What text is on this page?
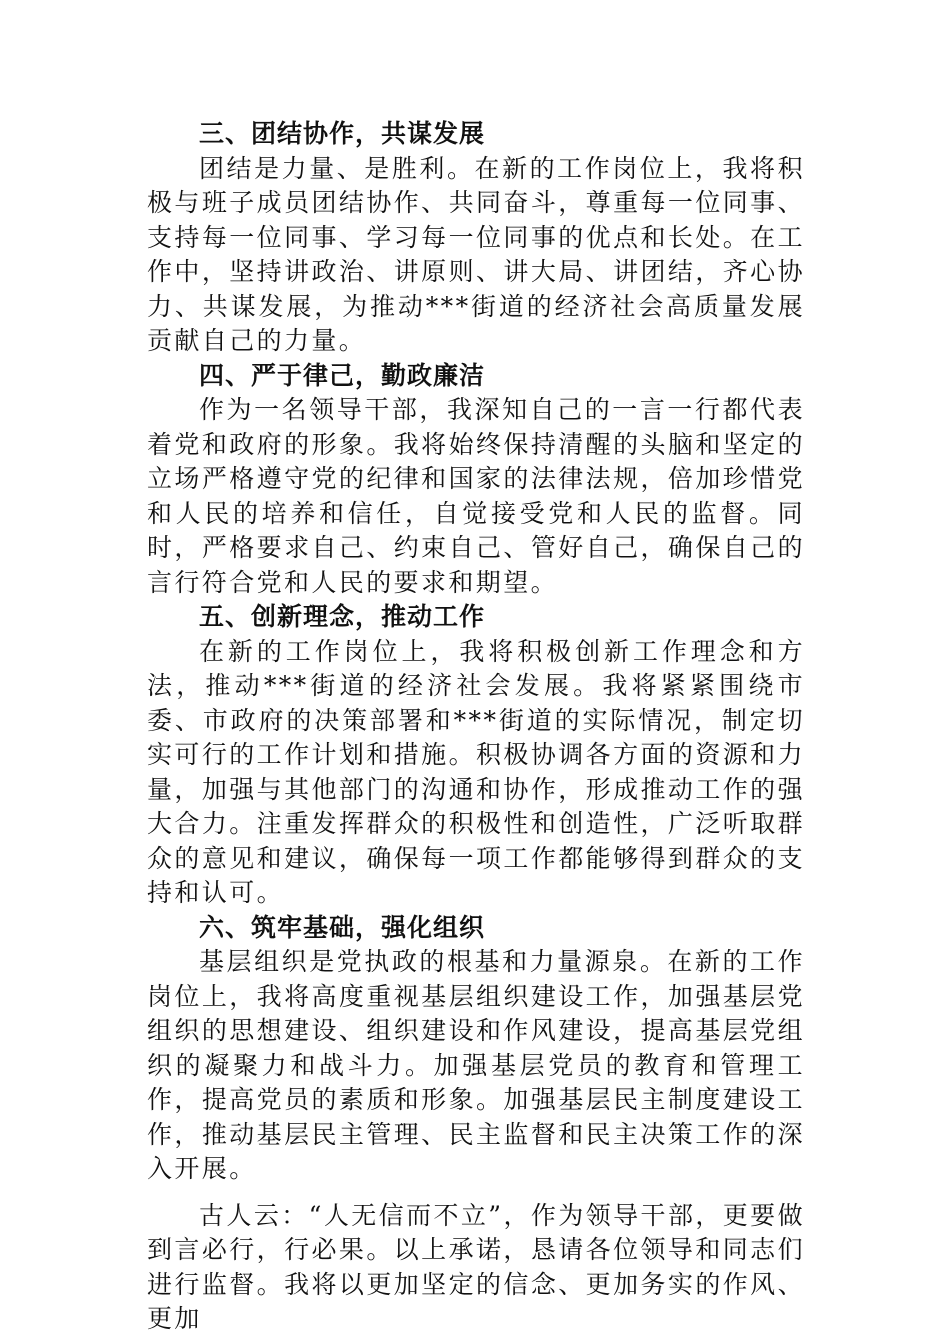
三、团结协作，共谋发展

团结是力量、是胜利。在新的工作岗位上，我将积极与班子成员团结协作、共同奋斗，尊重每一位同事、支持每一位同事、学习每一位同事的优点和长处。在工作中，坚持讲政治、讲原则、讲大局、讲团结，齐心协力、共谋发展，为推动***街道的经济社会高质量发展贡献自己的力量。

四、严于律己，勤政廉洁

作为一名领导干部，我深知自己的一言一行都代表着党和政府的形象。我将始终保持清醒的头脑和坚定的立场严格遵守党的纪律和国家的法律法规，倍加珍惜党和人民的培养和信任，自觉接受党和人民的监督。同时，严格要求自己、约束自己、管好自己，确保自己的言行符合党和人民的要求和期望。

五、创新理念，推动工作

在新的工作岗位上，我将积极创新工作理念和方法，推动***街道的经济社会发展。我将紧紧围绕市委、市政府的决策部署和***街道的实际情况，制定切实可行的工作计划和措施。积极协调各方面的资源和力量，加强与其他部门的沟通和协作，形成推动工作的强大合力。注重发挥群众的积极性和创造性，广泛听取群众的意见和建议，确保每一项工作都能够得到群众的支持和认可。

六、筑牢基础，强化组织

基层组织是党执政的根基和力量源泉。在新的工作岗位上，我将高度重视基层组织建设工作，加强基层党组织的思想建设、组织建设和作风建设，提高基层党组织的凝聚力和战斗力。加强基层党员的教育和管理工作，提高党员的素质和形象。加强基层民主制度建设工作，推动基层民主管理、民主监督和民主决策工作的深入开展。

古人云：“人无信而不立”，作为领导干部，更要做到言必行，行必果。以上承诺，恳请各位领导和同志们进行监督。我将以更加坚定的信念、更加务实的作风、更加
